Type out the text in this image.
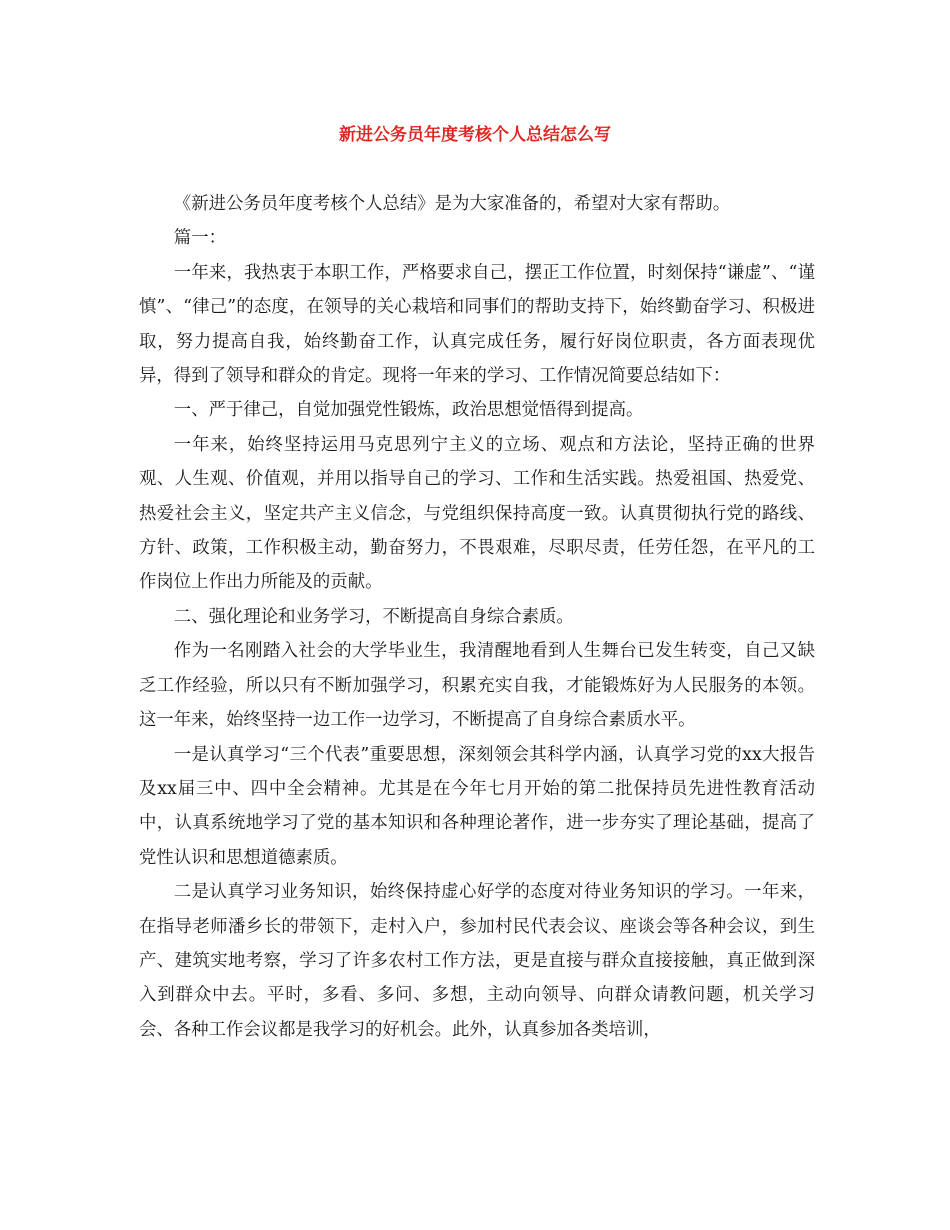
新进公务员年度考核个人总结怎么写

《新进公务员年度考核个人总结》是为大家准备的，希望对大家有帮助。

篇一：

一年来，我热衷于本职工作，严格要求自己，摆正工作位置，时刻保持“谦虚”、“谨慎”、“律己”的态度，在领导的关心栽培和同事们的帮助支持下，始终勤奋学习、积极进取，努力提高自我，始终勤奋工作，认真完成任务，履行好岗位职责，各方面表现优异，得到了领导和群众的肯定。现将一年来的学习、工作情况简要总结如下：

一、严于律己，自觉加强党性锻炼，政治思想觉悟得到提高。

一年来，始终坚持运用马克思列宁主义的立场、观点和方法论，坚持正确的世界观、人生观、价值观，并用以指导自己的学习、工作和生活实践。热爱祖国、热爱党、热爱社会主义，坚定共产主义信念，与党组织保持高度一致。认真贯彻执行党的路线、方针、政策，工作积极主动，勤奋努力，不畏艰难，尽职尽责，任劳任怨，在平凡的工作岗位上作出力所能及的贡献。

二、强化理论和业务学习，不断提高自身综合素质。

作为一名刚踏入社会的大学毕业生，我清醒地看到人生舞台已发生转变，自己又缺乏工作经验，所以只有不断加强学习，积累充实自我，才能锻炼好为人民服务的本领。这一年来，始终坚持一边工作一边学习，不断提高了自身综合素质水平。

一是认真学习“三个代表”重要思想，深刻领会其科学内涵，认真学习党的xx大报告及xx届三中、四中全会精神。尤其是在今年七月开始的第二批保持员先进性教育活动中，认真系统地学习了党的基本知识和各种理论著作，进一步夯实了理论基础，提高了党性认识和思想道德素质。

二是认真学习业务知识，始终保持虚心好学的态度对待业务知识的学习。一年来，在指导老师潘乡长的带领下，走村入户，参加村民代表会议、座谈会等各种会议，到生产、建筑实地考察，学习了许多农村工作方法，更是直接与群众直接接触，真正做到深入到群众中去。平时，多看、多问、多想，主动向领导、向群众请教问题，机关学习会、各种工作会议都是我学习的好机会。此外，认真参加各类培训，
